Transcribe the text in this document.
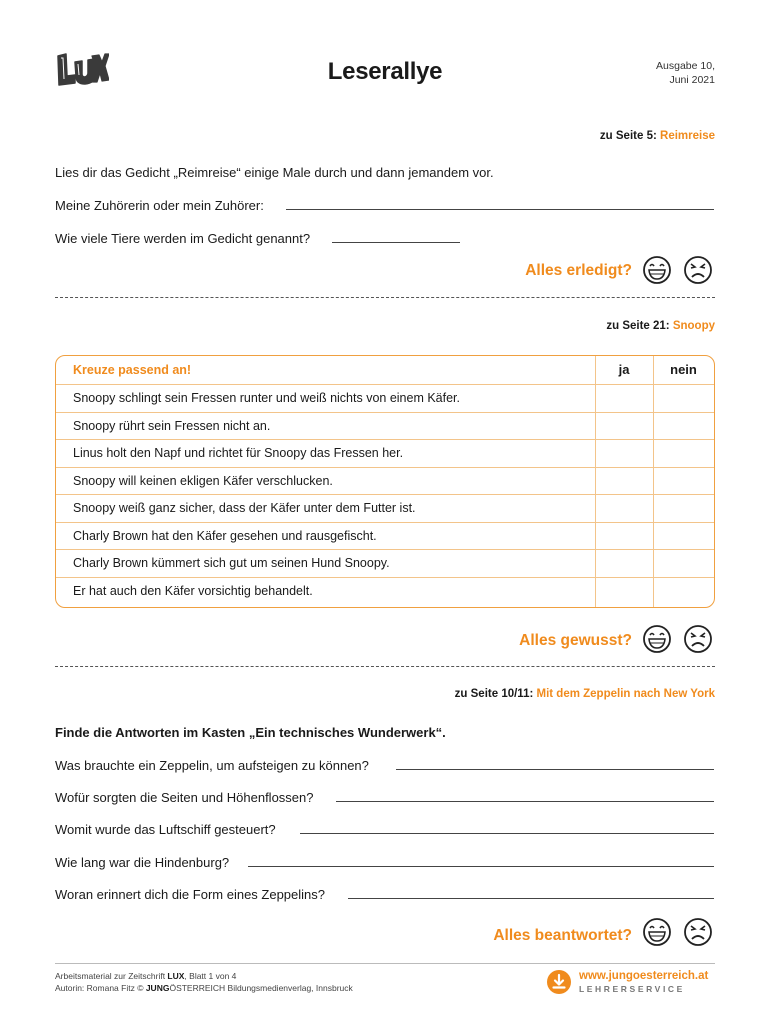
Leserallye	Ausgabe 10,
Juni 2021
zu Seite 5: Reimreise
Lies dir das Gedicht „Reimreise“ einige Male durch und dann jemandem vor.
Meine Zuhörerin oder mein Zuhörer:
Wie viele Tiere werden im Gedicht genannt?
Alles erledigt?
zu Seite 21: Snoopy
Kreuze passend an!	ja	nein
Snoopy schlingt sein Fressen runter und weiß nichts von einem Käfer.
Snoopy rührt sein Fressen nicht an.
Linus holt den Napf und richtet für Snoopy das Fressen her.
Snoopy will keinen ekligen Käfer verschlucken.
Snoopy weiß ganz sicher, dass der Käfer unter dem Futter ist.
Charly Brown hat den Käfer gesehen und rausgefischt.
Charly Brown kümmert sich gut um seinen Hund Snoopy.
Er hat auch den Käfer vorsichtig behandelt.
Alles gewusst?
zu Seite 10/11: Mit dem Zeppelin nach New York
Finde die Antworten im Kasten „Ein technisches Wunderwerk“.
Was brauchte ein Zeppelin, um aufsteigen zu können?
Wofür sorgten die Seiten und Höhenflossen?
Womit wurde das Luftschiff gesteuert?
Wie lang war die Hindenburg?
Woran erinnert dich die Form eines Zeppelins?
Alles beantwortet?
Arbeitsmaterial zur Zeitschrift LUX, Blatt 1 von 4
Autorin: Romana Fitz © JUNGÖSTERREICH Bildungsmedienverlag, Innsbruck
www.jungoesterreich.at
LEHRERSERVICE
